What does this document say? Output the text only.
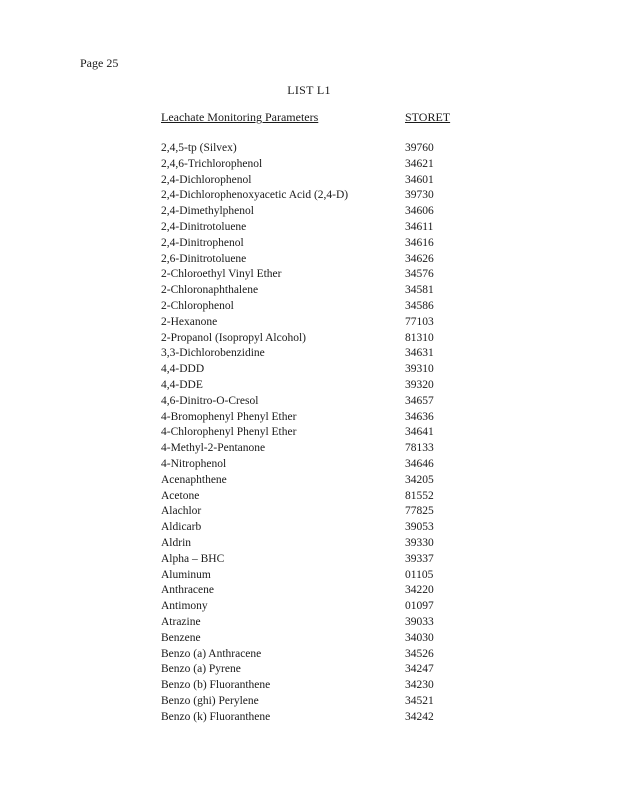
Page 25
LIST L1
Leachate Monitoring Parameters	STORET
2,4,5-tp (Silvex)	39760
2,4,6-Trichlorophenol	34621
2,4-Dichlorophenol	34601
2,4-Dichlorophenoxyacetic Acid (2,4-D)	39730
2,4-Dimethylphenol	34606
2,4-Dinitrotoluene	34611
2,4-Dinitrophenol	34616
2,6-Dinitrotoluene	34626
2-Chloroethyl Vinyl Ether	34576
2-Chloronaphthalene	34581
2-Chlorophenol	34586
2-Hexanone	77103
2-Propanol (Isopropyl Alcohol)	81310
3,3-Dichlorobenzidine	34631
4,4-DDD	39310
4,4-DDE	39320
4,6-Dinitro-O-Cresol	34657
4-Bromophenyl Phenyl Ether	34636
4-Chlorophenyl Phenyl Ether	34641
4-Methyl-2-Pentanone	78133
4-Nitrophenol	34646
Acenaphthene	34205
Acetone	81552
Alachlor	77825
Aldicarb	39053
Aldrin	39330
Alpha – BHC	39337
Aluminum	01105
Anthracene	34220
Antimony	01097
Atrazine	39033
Benzene	34030
Benzo (a) Anthracene	34526
Benzo (a) Pyrene	34247
Benzo (b) Fluoranthene	34230
Benzo (ghi) Perylene	34521
Benzo (k) Fluoranthene	34242
